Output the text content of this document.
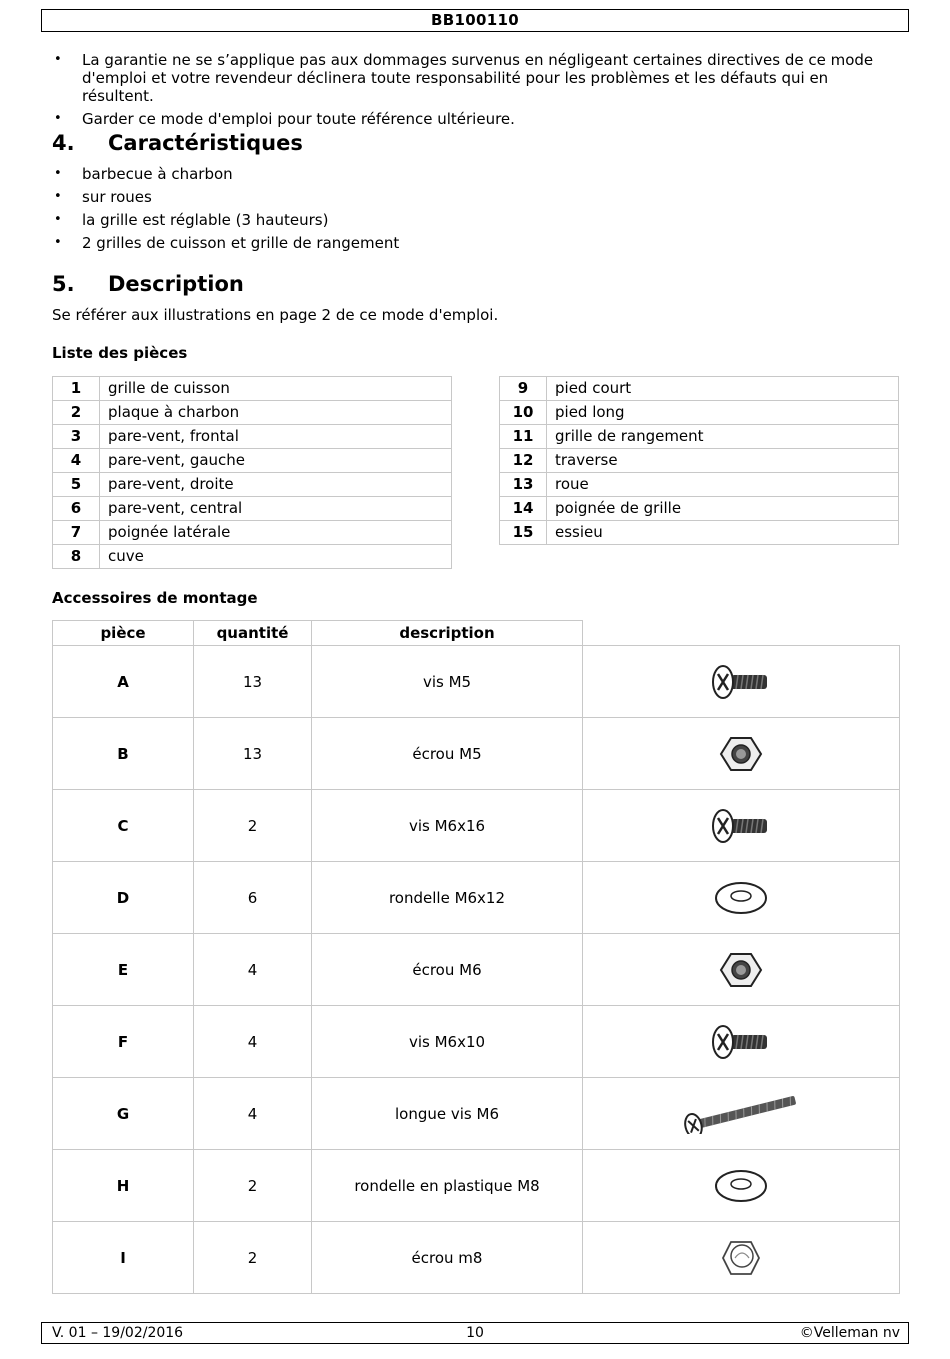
BB100110
• La garantie ne se s’applique pas aux dommages survenus en négligeant certaines directives de ce mode d'emploi et votre revendeur déclinera toute responsabilité pour les problèmes et les défauts qui en résultent.
• Garder ce mode d'emploi pour toute référence ultérieure.
4. Caractéristiques
• barbecue à charbon
• sur roues
• la grille est réglable (3 hauteurs)
• 2 grilles de cuisson et grille de rangement
5. Description
Se référer aux illustrations en page 2 de ce mode d'emploi.
Liste des pièces
1	grille de cuisson
2	plaque à charbon
3	pare-vent, frontal
4	pare-vent, gauche
5	pare-vent, droite
6	pare-vent, central
7	poignée latérale
8	cuve
9	pied court
10	pied long
11	grille de rangement
12	traverse
13	roue
14	poignée de grille
15	essieu
Accessoires de montage
pièce	quantité	description	
A	13	vis M5	
B	13	écrou M5	
C	2	vis M6x16	
D	6	rondelle M6x12	
E	4	écrou M6	
F	4	vis M6x10	
G	4	longue vis M6	
H	2	rondelle en plastique M8	
I	2	écrou m8	
V. 01 – 19/02/2016	10	©Velleman nv
